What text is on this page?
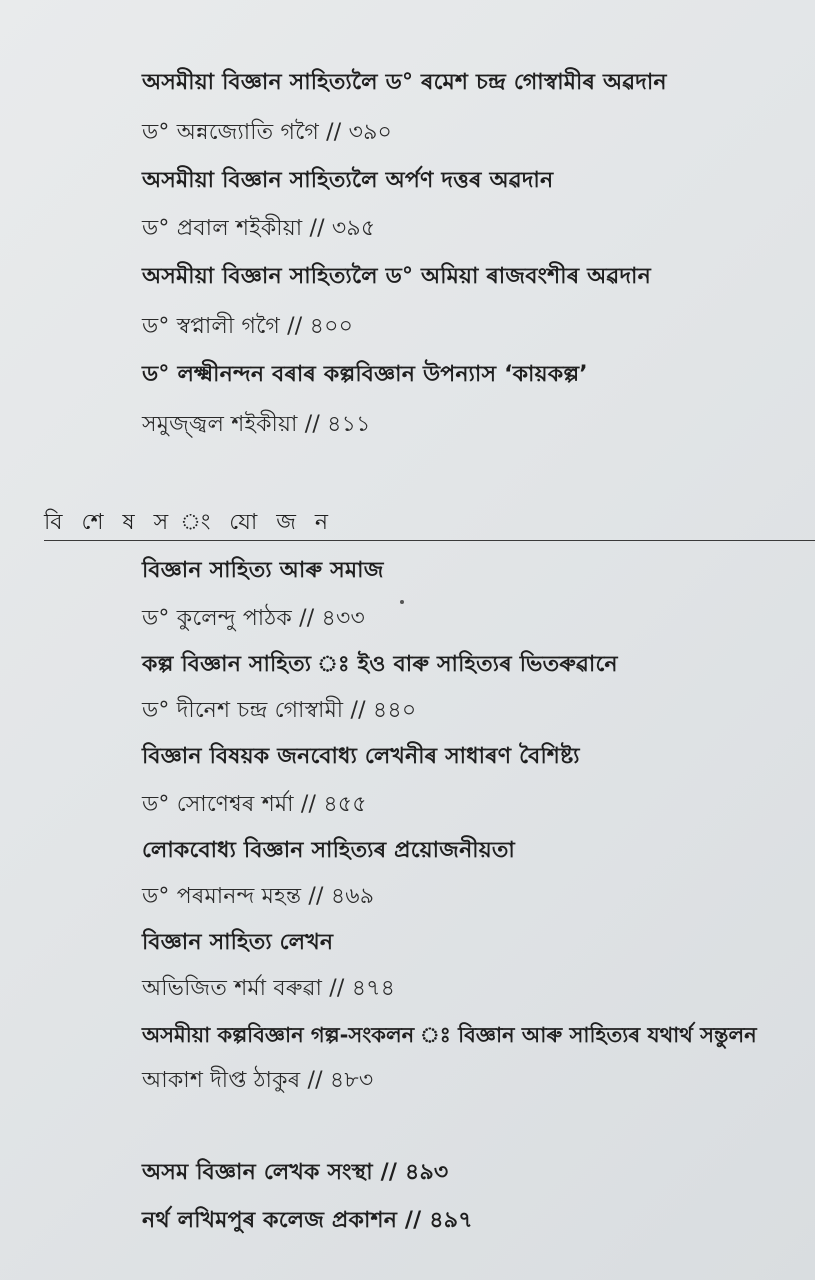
অসমীয়া বিজ্ঞান সাহিত্যলৈ ড° ৰমেশ চন্দ্ৰ গোস্বামীৰ অৱদান
ড° অন্নজ্যোতি গগৈ // ৩৯০
অসমীয়া বিজ্ঞান সাহিত্যলৈ অৰ্পণ দত্তৰ অৱদান
ড° প্ৰবাল শইকীয়া // ৩৯৫
অসমীয়া বিজ্ঞান সাহিত্যলৈ ড° অমিয়া ৰাজবংশীৰ অৱদান
ড° স্বপ্নালী গগৈ // ৪০০
ড° লক্ষ্মীনন্দন বৰাৰ কল্পবিজ্ঞান উপন্যাস ‘কায়কল্প’
সমুজ্জ্বল শইকীয়া // ৪১১
বি শে ষ স ং যো জ ন
বিজ্ঞান সাহিত্য আৰু সমাজ
ড° কুলেন্দু পাঠক // ৪৩৩
কল্প বিজ্ঞান সাহিত্য ঃ ইও বাৰু সাহিত্যৰ ভিতৰুৱানে
ড° দীনেশ চন্দ্ৰ গোস্বামী // ৪৪০
বিজ্ঞান বিষয়ক জনবোধ্য লেখনীৰ সাধাৰণ বৈশিষ্ট্য
ড° সোণেশ্বৰ শৰ্মা // ৪৫৫
লোকবোধ্য বিজ্ঞান সাহিত্যৰ প্ৰয়োজনীয়তা
ড° পৰমানন্দ মহন্ত // ৪৬৯
বিজ্ঞান সাহিত্য লেখন
অভিজিত শৰ্মা বৰুৱা // ৪৭৪
অসমীয়া কল্পবিজ্ঞান গল্প-সংকলন ঃ বিজ্ঞান আৰু সাহিত্যৰ যথাৰ্থ সন্তুলন
আকাশ দীপ্ত ঠাকুৰ // ৪৮৩
অসম বিজ্ঞান লেখক সংস্থা // ৪৯৩
নৰ্থ লখিমপুৰ কলেজ প্ৰকাশন // ৪৯৭
